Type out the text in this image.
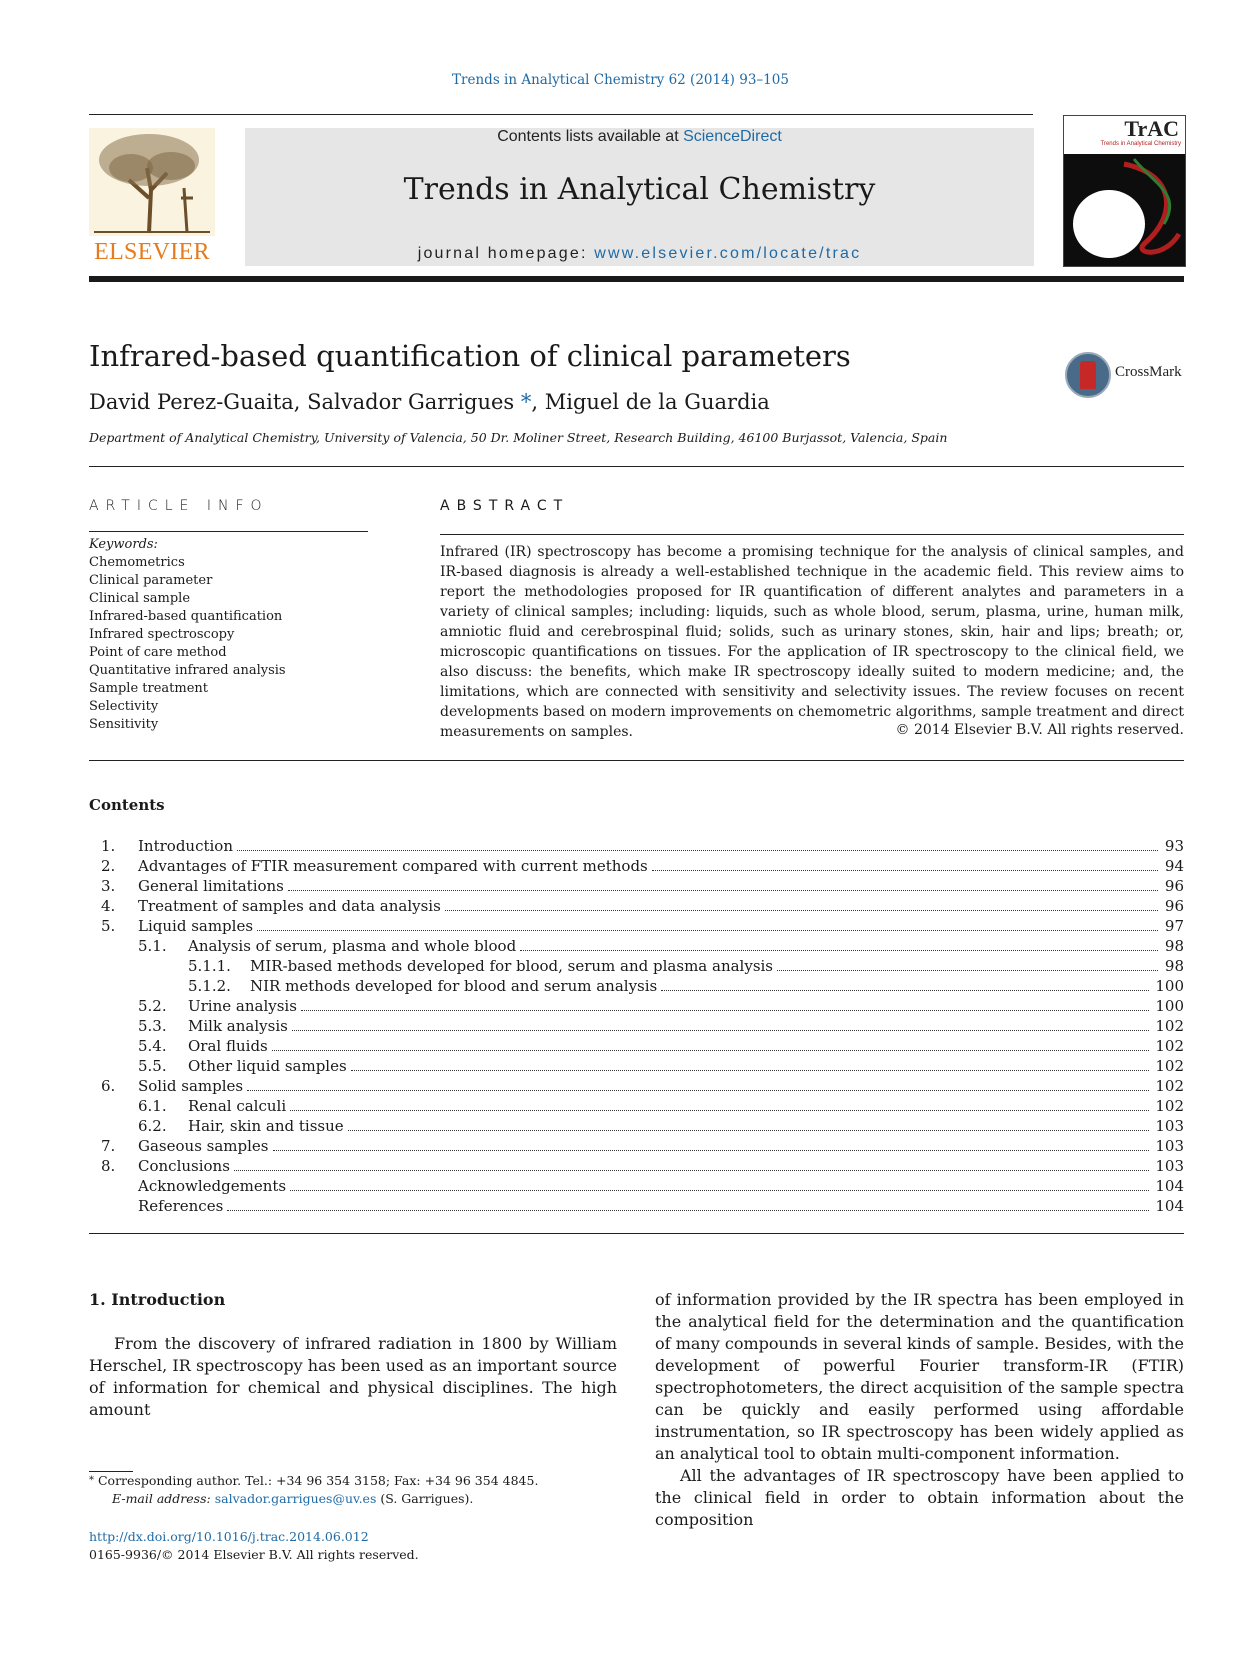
Trends in Analytical Chemistry 62 (2014) 93–105
ELSEVIER
Contents lists available at ScienceDirect
Trends in Analytical Chemistry
journal homepage: www.elsevier.com/locate/trac
TrAC
Trends in Analytical Chemistry
Infrared-based quantification of clinical parameters
David Perez-Guaita, Salvador Garrigues *, Miguel de la Guardia
Department of Analytical Chemistry, University of Valencia, 50 Dr. Moliner Street, Research Building, 46100 Burjassot, Valencia, Spain
CrossMark
ARTICLE INFO
Keywords:
Chemometrics
Clinical parameter
Clinical sample
Infrared-based quantification
Infrared spectroscopy
Point of care method
Quantitative infrared analysis
Sample treatment
Selectivity
Sensitivity
ABSTRACT
Infrared (IR) spectroscopy has become a promising technique for the analysis of clinical samples, and IR-based diagnosis is already a well-established technique in the academic field. This review aims to report the methodologies proposed for IR quantification of different analytes and parameters in a variety of clinical samples; including: liquids, such as whole blood, serum, plasma, urine, human milk, amniotic fluid and cerebrospinal fluid; solids, such as urinary stones, skin, hair and lips; breath; or, microscopic quantifications on tissues. For the application of IR spectroscopy to the clinical field, we also discuss: the benefits, which make IR spectroscopy ideally suited to modern medicine; and, the limitations, which are connected with sensitivity and selectivity issues. The review focuses on recent developments based on modern improvements on chemometric algorithms, sample treatment and direct measurements on samples.	© 2014 Elsevier B.V. All rights reserved.
Contents
1.	Introduction	93
2.	Advantages of FTIR measurement compared with current methods	94
3.	General limitations	96
4.	Treatment of samples and data analysis	96
5.	Liquid samples	97
5.1.	Analysis of serum, plasma and whole blood	98
5.1.1.	MIR-based methods developed for blood, serum and plasma analysis	98
5.1.2.	NIR methods developed for blood and serum analysis	100
5.2.	Urine analysis	100
5.3.	Milk analysis	102
5.4.	Oral fluids	102
5.5.	Other liquid samples	102
6.	Solid samples	102
6.1.	Renal calculi	102
6.2.	Hair, skin and tissue	103
7.	Gaseous samples	103
8.	Conclusions	103
Acknowledgements	104
References	104
1. Introduction
From the discovery of infrared radiation in 1800 by William Herschel, IR spectroscopy has been used as an important source of information for chemical and physical disciplines. The high amount

of information provided by the IR spectra has been employed in the analytical field for the determination and the quantification of many compounds in several kinds of sample. Besides, with the development of powerful Fourier transform-IR (FTIR) spectrophotometers, the direct acquisition of the sample spectra can be quickly and easily performed using affordable instrumentation, so IR spectroscopy has been widely applied as an analytical tool to obtain multi-component information.

All the advantages of IR spectroscopy have been applied to the clinical field in order to obtain information about the composition

* Corresponding author. Tel.: +34 96 354 3158; Fax: +34 96 354 4845.
E-mail address: salvador.garrigues@uv.es (S. Garrigues).
http://dx.doi.org/10.1016/j.trac.2014.06.012
0165-9936/© 2014 Elsevier B.V. All rights reserved.
